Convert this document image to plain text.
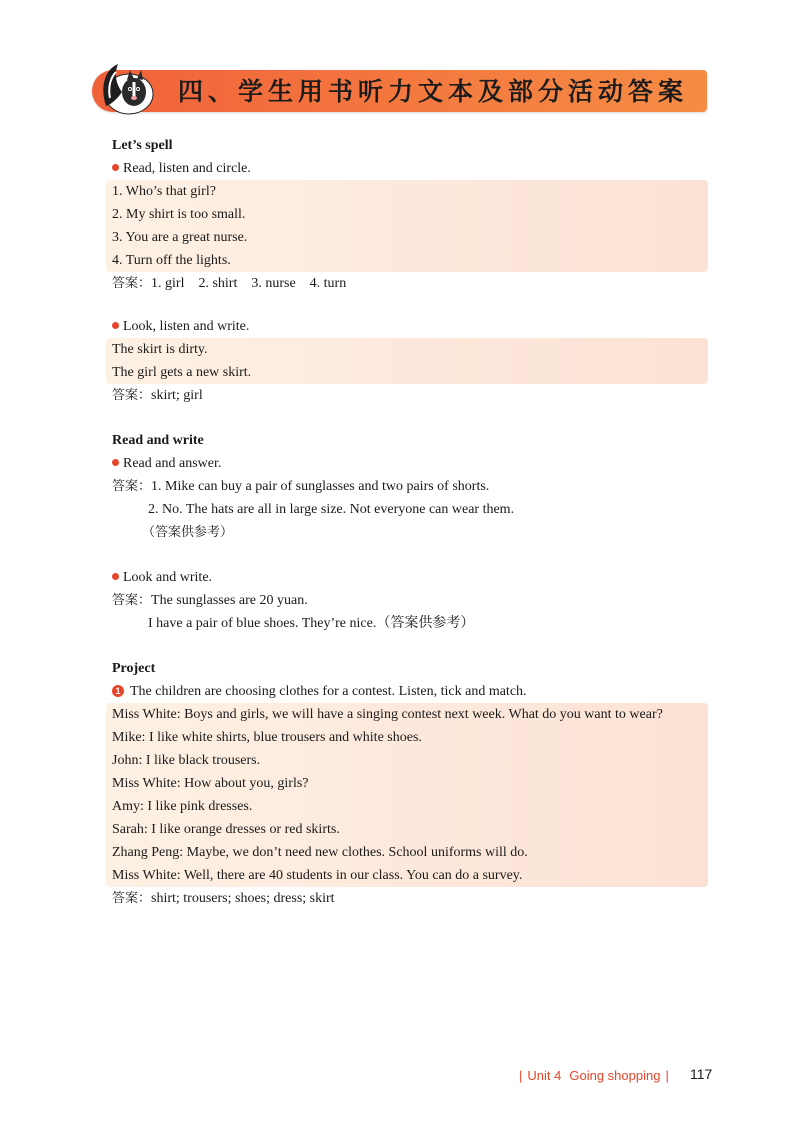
四、学生用书听力文本及部分活动答案

Let’s spell

Read, listen and circle.

1. Who’s that girl?

2. My shirt is too small.

3. You are a great nurse.

4. Turn off the lights.

答案：1. girl    2. shirt    3. nurse    4. turn

Look, listen and write.

The skirt is dirty.

The girl gets a new skirt.

答案：skirt; girl

Read and write

Read and answer.

答案：1. Mike can buy a pair of sunglasses and two pairs of shorts.

2. No. The hats are all in large size. Not everyone can wear them.

（答案供参考）

Look and write.

答案：The sunglasses are 20 yuan.

I have a pair of blue shoes. They’re nice.（答案供参考）

Project

1 The children are choosing clothes for a contest. Listen, tick and match.

Miss White: Boys and girls, we will have a singing contest next week. What do you want to wear?

Mike: I like white shirts, blue trousers and white shoes.

John: I like black trousers.

Miss White: How about you, girls?

Amy: I like pink dresses.

Sarah: I like orange dresses or red skirts.

Zhang Peng: Maybe, we don’t need new clothes. School uniforms will do.

Miss White: Well, there are 40 students in our class. You can do a survey.

答案：shirt; trousers; shoes; dress; skirt

| Unit 4 Going shopping |	117
